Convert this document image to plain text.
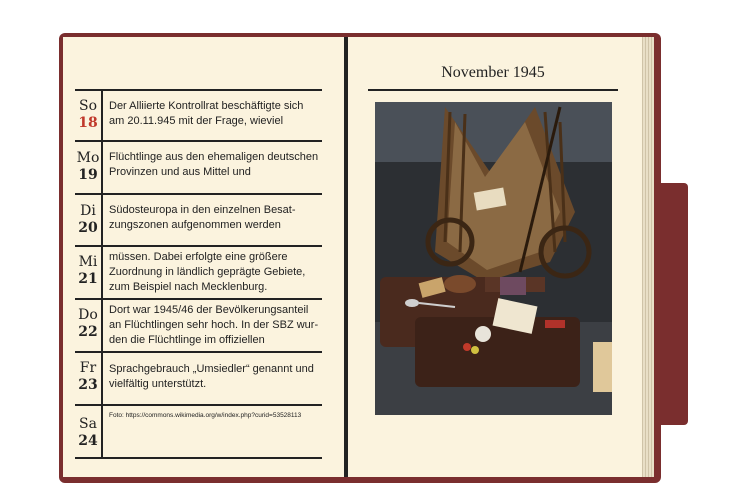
So
18
Der Alliierte Kontrollrat beschäftigte sich am 20.11.945 mit der Frage, wieviel
Mo
19
Flüchtlinge aus den ehemaligen deutschen Provinzen und aus Mittel und
Di
20
Südosteuropa in den einzelnen Besatzungszonen aufgenommen werden
Mi
21
müssen. Dabei erfolgte eine größere Zuordnung in ländlich geprägte Gebiete, zum Beispiel nach Mecklenburg.
Do
22
Dort war 1945/46 der Bevölkerungsanteil an Flüchtlingen sehr hoch. In der SBZ wurden die Flüchtlinge im offiziellen
Fr
23
Sprachgebrauch „Umsiedler“ genannt und vielfältig unterstützt.
Sa
24
Foto: https://commons.wikimedia.org/w/index.php?curid=53528113
November 1945
